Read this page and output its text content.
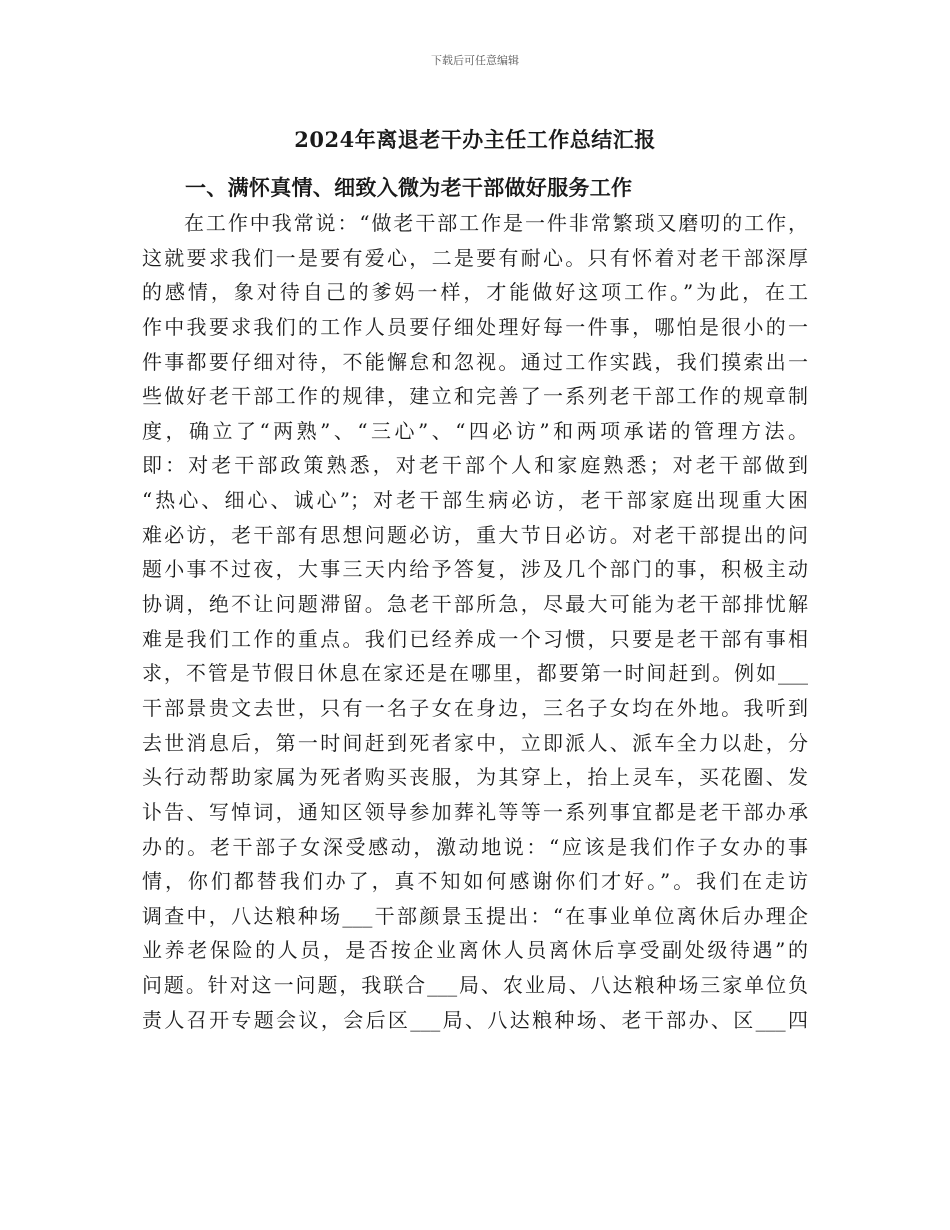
下载后可任意编辑
2024年离退老干办主任工作总结汇报
一、满怀真情、细致入微为老干部做好服务工作
在工作中我常说：“做老干部工作是一件非常繁琐又磨叨的工作，
这就要求我们一是要有爱心，二是要有耐心。只有怀着对老干部深厚
的感情，象对待自己的爹妈一样，才能做好这项工作。”为此，在工
作中我要求我们的工作人员要仔细处理好每一件事，哪怕是很小的一
件事都要仔细对待，不能懈怠和忽视。通过工作实践，我们摸索出一
些做好老干部工作的规律，建立和完善了一系列老干部工作的规章制
度，确立了“两熟”、“三心”、“四必访”和两项承诺的管理方法。
即：对老干部政策熟悉，对老干部个人和家庭熟悉；对老干部做到
“热心、细心、诚心”；对老干部生病必访，老干部家庭出现重大困
难必访，老干部有思想问题必访，重大节日必访。对老干部提出的问
题小事不过夜，大事三天内给予答复，涉及几个部门的事，积极主动
协调，绝不让问题滞留。急老干部所急，尽最大可能为老干部排忧解
难是我们工作的重点。我们已经养成一个习惯，只要是老干部有事相
求，不管是节假日休息在家还是在哪里，都要第一时间赶到。例如___
干部景贵文去世，只有一名子女在身边，三名子女均在外地。我听到
去世消息后，第一时间赶到死者家中，立即派人、派车全力以赴，分
头行动帮助家属为死者购买丧服，为其穿上，抬上灵车，买花圈、发
讣告、写悼词，通知区领导参加葬礼等等一系列事宜都是老干部办承
办的。老干部子女深受感动，激动地说：“应该是我们作子女办的事
情，你们都替我们办了，真不知如何感谢你们才好。”。我们在走访
调查中，八达粮种场___干部颜景玉提出：“在事业单位离休后办理企
业养老保险的人员，是否按企业离休人员离休后享受副处级待遇”的
问题。针对这一问题，我联合___局、农业局、八达粮种场三家单位负
责人召开专题会议，会后区___局、八达粮种场、老干部办、区___四
